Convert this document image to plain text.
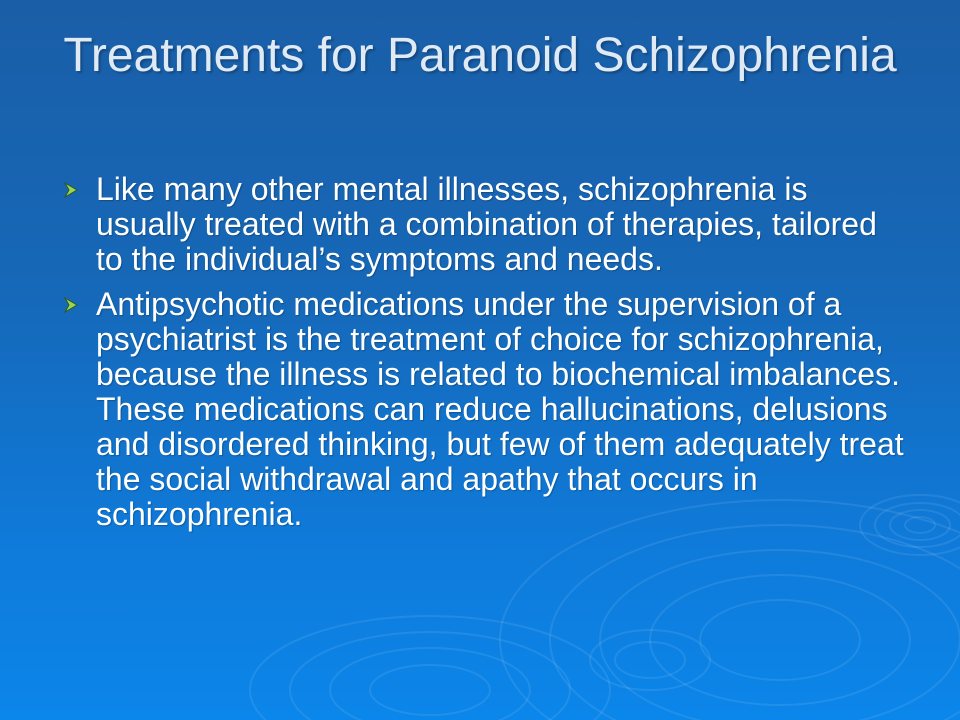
Treatments for Paranoid Schizophrenia
Like many other mental illnesses, schizophrenia is usually treated with a combination of therapies, tailored to the individual’s symptoms and needs.
Antipsychotic medications under the supervision of a psychiatrist is the treatment of choice for schizophrenia, because the illness is related to biochemical imbalances. These medications can reduce hallucinations, delusions and disordered thinking, but few of them adequately treat the social withdrawal and apathy that occurs in schizophrenia.
